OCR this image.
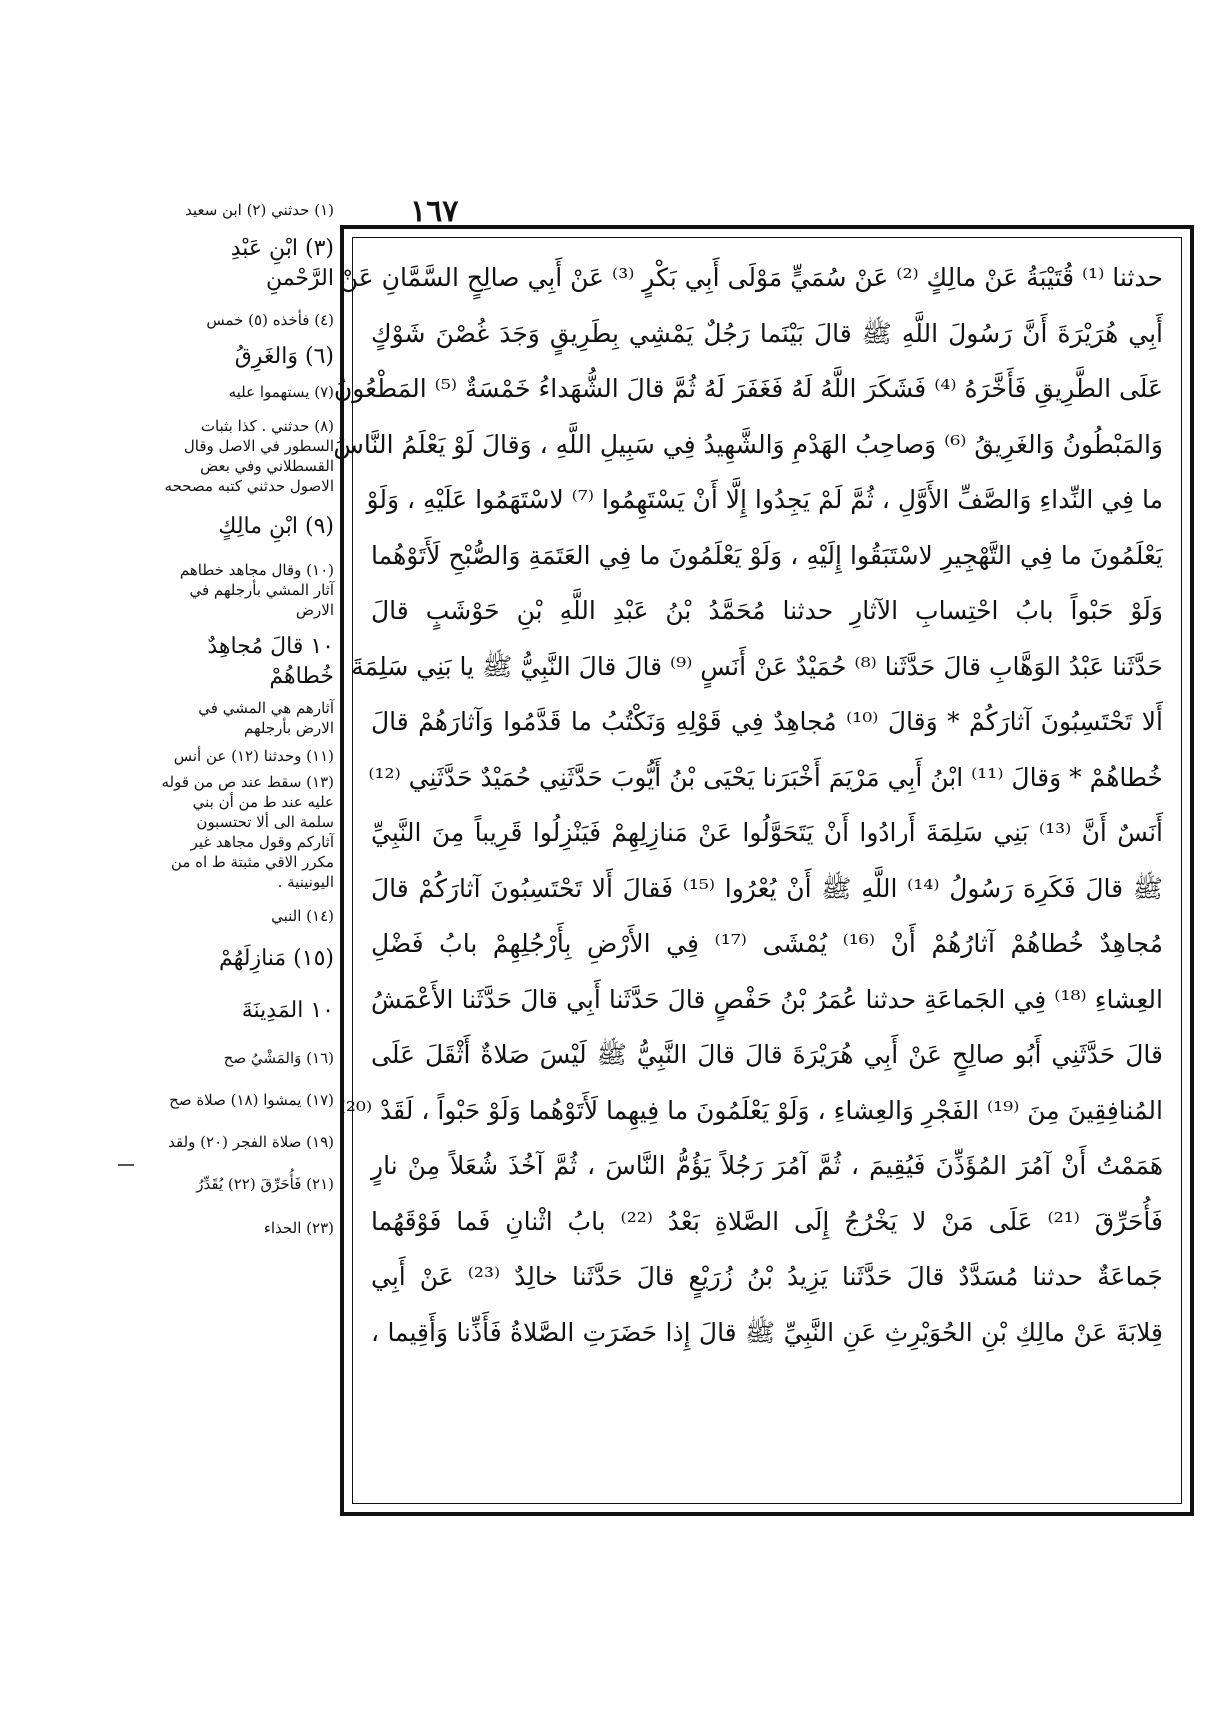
١٦٧
حدثنا ⁽¹⁾ قُتَيْبَةُ عَنْ مالِكٍ ⁽²⁾ عَنْ سُمَيٍّ مَوْلَى أَبِي بَكْرٍ ⁽³⁾ عَنْ أَبِي صالِحٍ السَّمَّانِ عَنْ
أَبِي هُرَيْرَةَ أَنَّ رَسُولَ اللَّهِ ﷺ قالَ بَيْنَما رَجُلٌ يَمْشِي بِطَرِيقٍ وَجَدَ غُصْنَ شَوْكٍ
عَلَى الطَّرِيقِ فَأَخَّرَهُ ⁽⁴⁾ فَشَكَرَ اللَّهُ لَهُ فَغَفَرَ لَهُ ثُمَّ قالَ الشُّهَداءُ خَمْسَةٌ ⁽⁵⁾ المَطْعُونُ
وَالمَبْطُونُ وَالغَرِيقُ ⁽⁶⁾ وَصاحِبُ الهَدْمِ وَالشَّهِيدُ فِي سَبِيلِ اللَّهِ ، وَقالَ لَوْ يَعْلَمُ النَّاسُ
ما فِي النِّداءِ وَالصَّفِّ الأَوَّلِ ، ثُمَّ لَمْ يَجِدُوا إِلَّا أَنْ يَسْتَهِمُوا ⁽⁷⁾ لاسْتَهَمُوا عَلَيْهِ ، وَلَوْ
يَعْلَمُونَ ما فِي التَّهْجِيرِ لاسْتَبَقُوا إِلَيْهِ ، وَلَوْ يَعْلَمُونَ ما فِي العَتَمَةِ وَالصُّبْحِ لَأَتَوْهُما
وَلَوْ حَبْواً بابُ احْتِسابِ الآثارِ حدثنا مُحَمَّدُ بْنُ عَبْدِ اللَّهِ بْنِ حَوْشَبٍ قالَ
حَدَّثَنا عَبْدُ الوَهَّابِ قالَ حَدَّثَنا ⁽⁸⁾ حُمَيْدٌ عَنْ أَنَسٍ ⁽⁹⁾ قالَ قالَ النَّبِيُّ ﷺ يا بَنِي سَلِمَةَ
أَلا تَحْتَسِبُونَ آثارَكُمْ * وَقالَ ⁽¹⁰⁾ مُجاهِدٌ فِي قَوْلِهِ وَنَكْتُبُ ما قَدَّمُوا وَآثارَهُمْ قالَ
خُطاهُمْ * وَقالَ ⁽¹¹⁾ ابْنُ أَبِي مَرْيَمَ أَخْبَرَنا يَحْيَى بْنُ أَيُّوبَ حَدَّثَنِي حُمَيْدٌ حَدَّثَنِي ⁽¹²⁾
أَنَسٌ أَنَّ ⁽¹³⁾ بَنِي سَلِمَةَ أَرادُوا أَنْ يَتَحَوَّلُوا عَنْ مَنازِلِهِمْ فَيَنْزِلُوا قَرِيباً مِنَ النَّبِيِّ
ﷺ قالَ فَكَرِهَ رَسُولُ ⁽¹⁴⁾ اللَّهِ ﷺ أَنْ يُعْرُوا ⁽¹⁵⁾ فَقالَ أَلا تَحْتَسِبُونَ آثارَكُمْ قالَ
مُجاهِدٌ خُطاهُمْ آثارُهُمْ أَنْ ⁽¹⁶⁾ يُمْشَى ⁽¹⁷⁾ فِي الأَرْضِ بِأَرْجُلِهِمْ بابُ فَضْلِ
العِشاءِ ⁽¹⁸⁾ فِي الجَماعَةِ حدثنا عُمَرُ بْنُ حَفْصٍ قالَ حَدَّثَنا أَبِي قالَ حَدَّثَنا الأَعْمَشُ
قالَ حَدَّثَنِي أَبُو صالِحٍ عَنْ أَبِي هُرَيْرَةَ قالَ قالَ النَّبِيُّ ﷺ لَيْسَ صَلاةٌ أَثْقَلَ عَلَى
المُنافِقِينَ مِنَ ⁽¹⁹⁾ الفَجْرِ وَالعِشاءِ ، وَلَوْ يَعْلَمُونَ ما فِيهِما لَأَتَوْهُما وَلَوْ حَبْواً ، لَقَدْ ⁽²⁰⁾
هَمَمْتُ أَنْ آمُرَ المُؤَذِّنَ فَيُقِيمَ ، ثُمَّ آمُرَ رَجُلاً يَؤُمُّ النَّاسَ ، ثُمَّ آخُذَ شُعَلاً مِنْ نارٍ
فَأُحَرِّقَ ⁽²¹⁾ عَلَى مَنْ لا يَخْرُجُ إِلَى الصَّلاةِ بَعْدُ ⁽²²⁾ بابُ اثْنانِ فَما فَوْقَهُما
جَماعَةٌ حدثنا مُسَدَّدٌ قالَ حَدَّثَنا يَزِيدُ بْنُ زُرَيْعٍ قالَ حَدَّثَنا خالِدٌ ⁽²³⁾ عَنْ أَبِي
قِلابَةَ عَنْ مالِكِ بْنِ الحُوَيْرِثِ عَنِ النَّبِيِّ ﷺ قالَ إِذا حَضَرَتِ الصَّلاةُ فَأَذِّنا وَأَقِيما ،
(١) حدثني (٢) ابن سعيد
(٣) ابْنِ عَبْدِ الرَّحْمنِ
(٤) فأخذه (٥) خمس
(٦) وَالغَرِقُ
(٧) يستهموا عليه
(٨) حدثني . كذا بثبات السطور في الاصل وقال القسطلاني وفي بعض الاصول حدثني كتبه مصححه
(٩) ابْنِ مالِكٍ
(١٠) وقال مجاهد خطاهم آثار المشي بأرجلهم في الارض
١٠ قالَ مُجاهِدٌ خُطاهُمْ
آثارهم هي المشي في الارض بأرجلهم
(١١) وحدثنا (١٢) عن أنس
(١٣) سقط عند ص من قوله عليه عند ط من أن بني سلمة الى ألا تحتسبون آثاركم وقول مجاهد غير مكرر الاقي مثبتة ط اه من اليونينية .
(١٤) النبي
(١٥) مَنازِلَهُمْ
١٠ المَدِينَةَ
(١٦) وَالمَشْيُ صح
(١٧) يمشوا (١٨) صلاة صح
(١٩) صلاة الفجر (٢٠) ولقد
(٢١) فَأُحَرِّقَ (٢٢) يُقَدِّرُ
(٢٣) الحذاء
